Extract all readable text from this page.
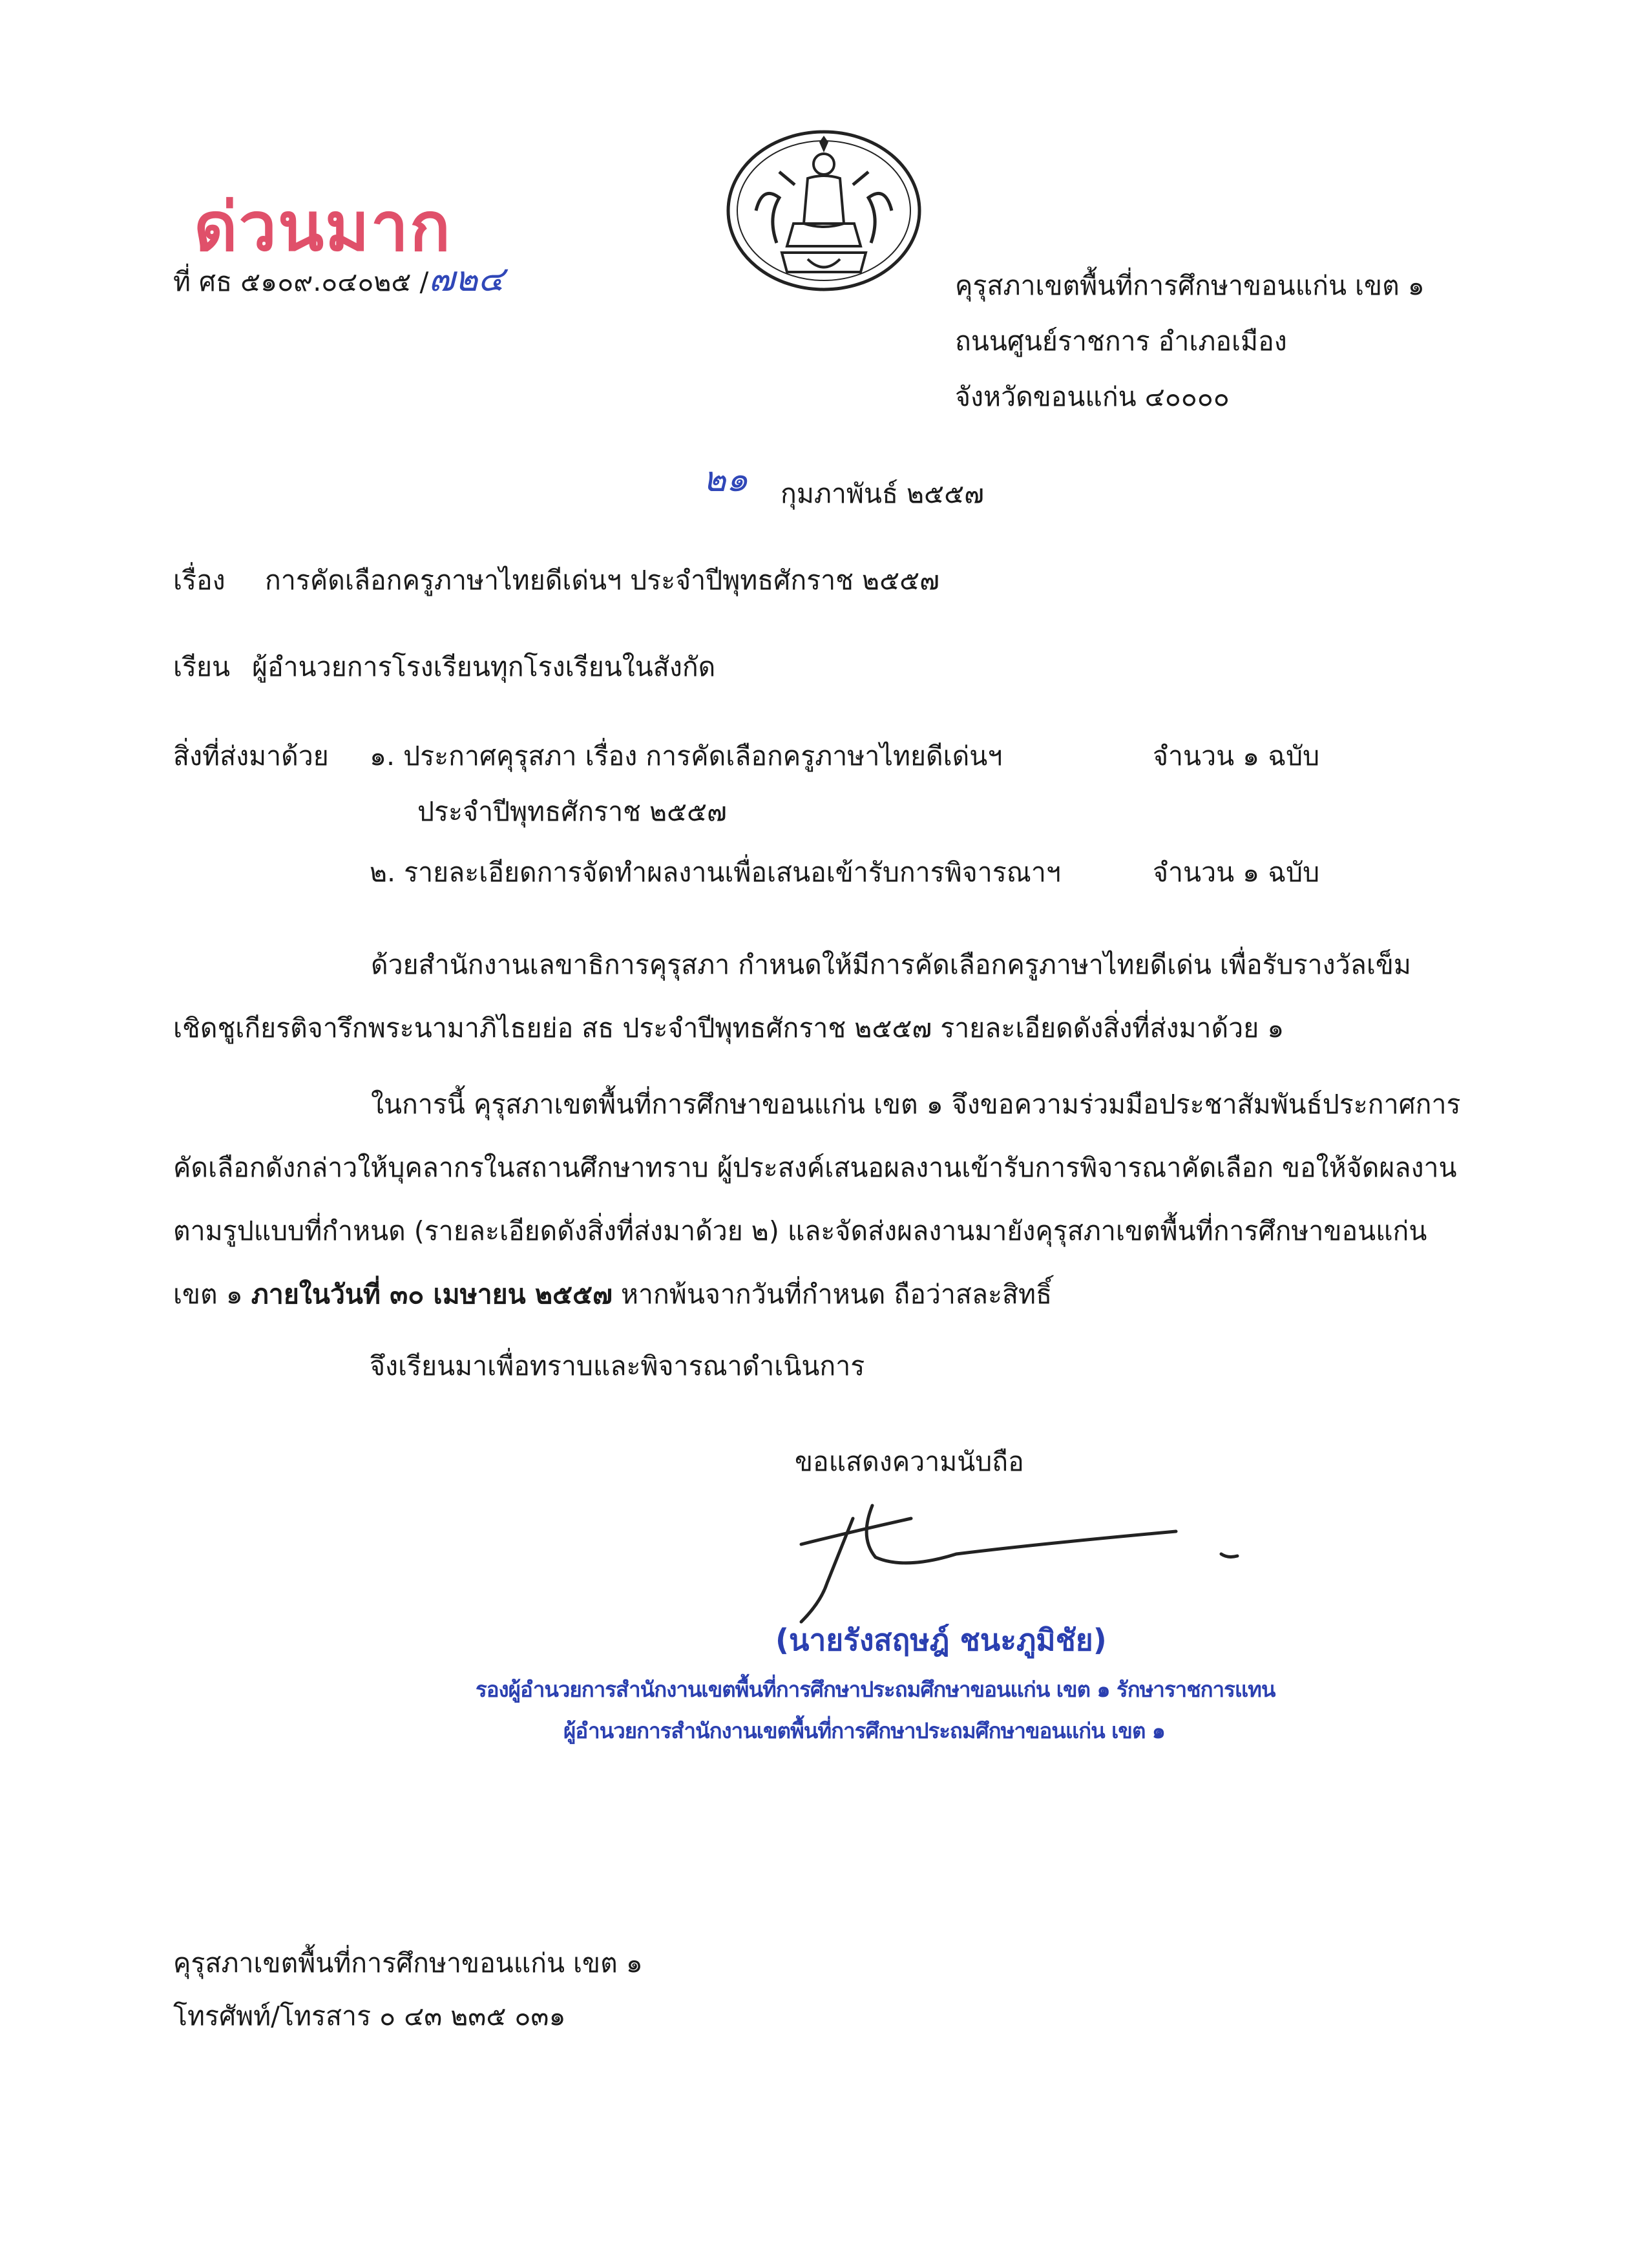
ด่วนมาก
ที่ ศธ ๕๑๐๙.๐๔๐๒๕ /๗๒๔	คุรุสภาเขตพื้นที่การศึกษาขอนแก่น เขต ๑
ถนนศูนย์ราชการ อำเภอเมือง
จังหวัดขอนแก่น ๔๐๐๐๐
๒๑ กุมภาพันธ์ ๒๕๕๗
เรื่อง การคัดเลือกครูภาษาไทยดีเด่นฯ ประจำปีพุทธศักราช ๒๕๕๗
เรียน ผู้อำนวยการโรงเรียนทุกโรงเรียนในสังกัด
สิ่งที่ส่งมาด้วย ๑. ประกาศคุรุสภา เรื่อง การคัดเลือกครูภาษาไทยดีเด่นฯ
ประจำปีพุทธศักราช ๒๕๕๗
จำนวน ๑ ฉบับ
๒. รายละเอียดการจัดทำผลงานเพื่อเสนอเข้ารับการพิจารณาฯ	จำนวน ๑ ฉบับ
ด้วยสำนักงานเลขาธิการคุรุสภา กำหนดให้มีการคัดเลือกครูภาษาไทยดีเด่น เพื่อรับรางวัลเข็มเชิดชูเกียรติจารึกพระนามาภิไธยย่อ สธ ประจำปีพุทธศักราช ๒๕๕๗ รายละเอียดดังสิ่งที่ส่งมาด้วย ๑
ในการนี้ คุรุสภาเขตพื้นที่การศึกษาขอนแก่น เขต ๑ จึงขอความร่วมมือประชาสัมพันธ์ประกาศการคัดเลือกดังกล่าวให้บุคลากรในสถานศึกษาทราบ ผู้ประสงค์เสนอผลงานเข้ารับการพิจารณาคัดเลือก ขอให้จัดผลงานตามรูปแบบที่กำหนด (รายละเอียดดังสิ่งที่ส่งมาด้วย ๒) และจัดส่งผลงานมายังคุรุสภาเขตพื้นที่การศึกษาขอนแก่น เขต ๑ ภายในวันที่ ๓๐ เมษายน ๒๕๕๗ หากพ้นจากวันที่กำหนด ถือว่าสละสิทธิ์
จึงเรียนมาเพื่อทราบและพิจารณาดำเนินการ
ขอแสดงความนับถือ
(นายรังสฤษฎ์ ชนะภูมิชัย)
รองผู้อำนวยการสำนักงานเขตพื้นที่การศึกษาประถมศึกษาขอนแก่น เขต ๑ รักษาราชการแทน
ผู้อำนวยการสำนักงานเขตพื้นที่การศึกษาประถมศึกษาขอนแก่น เขต ๑
คุรุสภาเขตพื้นที่การศึกษาขอนแก่น เขต ๑
โทรศัพท์/โทรสาร ๐ ๔๓ ๒๓๕ ๐๓๑
